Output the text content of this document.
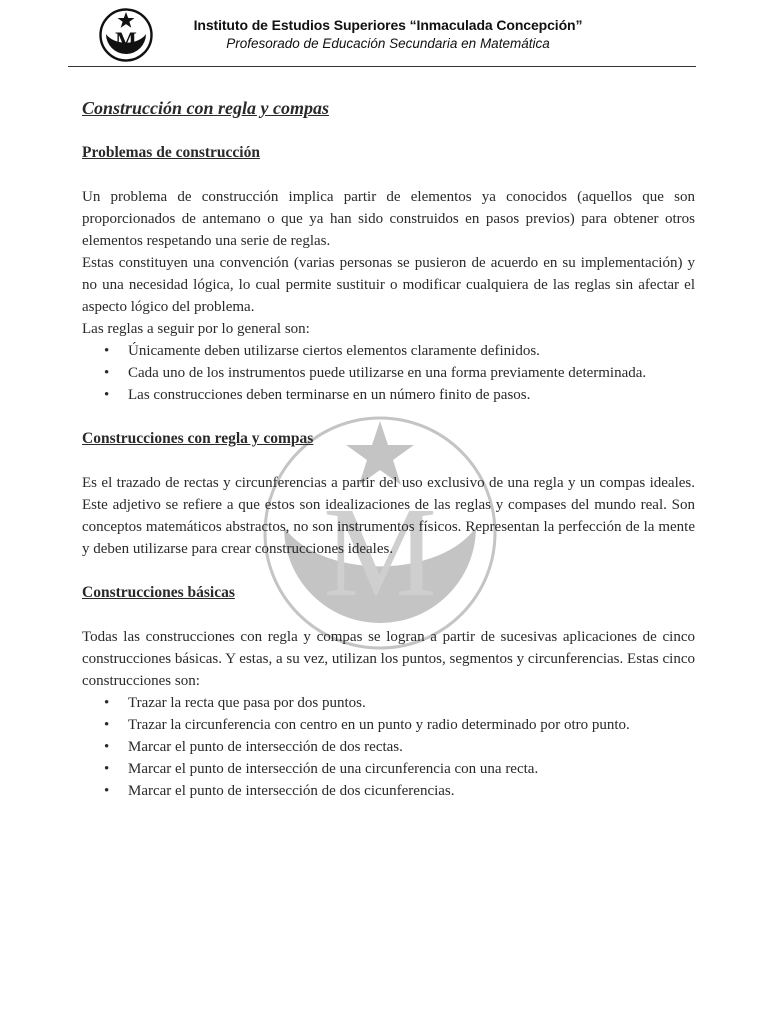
M
Instituto de Estudios Superiores “Inmaculada Concepción”
Profesorado de Educación Secundaria en Matemática
M
Construcción con regla y compas
Problemas de construcción

Un problema de construcción implica partir de elementos ya conocidos (aquellos que son proporcionados de antemano o que ya han sido construidos en pasos previos) para obtener otros elementos respetando una serie de reglas.

Estas constituyen una convención (varias personas se pusieron de acuerdo en su implementación) y no una necesidad lógica, lo cual permite sustituir o modificar cualquiera de las reglas sin afectar el aspecto lógico del problema.

Las reglas a seguir por lo general son:

• Únicamente deben utilizarse ciertos elementos claramente definidos.
• Cada uno de los instrumentos puede utilizarse en una forma previamente determinada.
• Las construcciones deben terminarse en un número finito de pasos.
Construcciones con regla y compas

Es el trazado de rectas y circunferencias a partir del uso exclusivo de una regla y un compas ideales. Este adjetivo se refiere a que estos son idealizaciones de las reglas y compases del mundo real. Son conceptos matemáticos abstractos, no son instrumentos físicos. Representan la perfección de la mente y deben utilizarse para crear construcciones ideales.

Construcciones básicas

Todas las construcciones con regla y compas se logran a partir de sucesivas aplicaciones de cinco construcciones básicas. Y estas, a su vez, utilizan los puntos, segmentos y circunferencias. Estas cinco construcciones son:

• Trazar la recta que pasa por dos puntos.
• Trazar la circunferencia con centro en un punto y radio determinado por otro punto.
• Marcar el punto de intersección de dos rectas.
• Marcar el punto de intersección de una circunferencia con una recta.
• Marcar el punto de intersección de dos cicunferencias.
